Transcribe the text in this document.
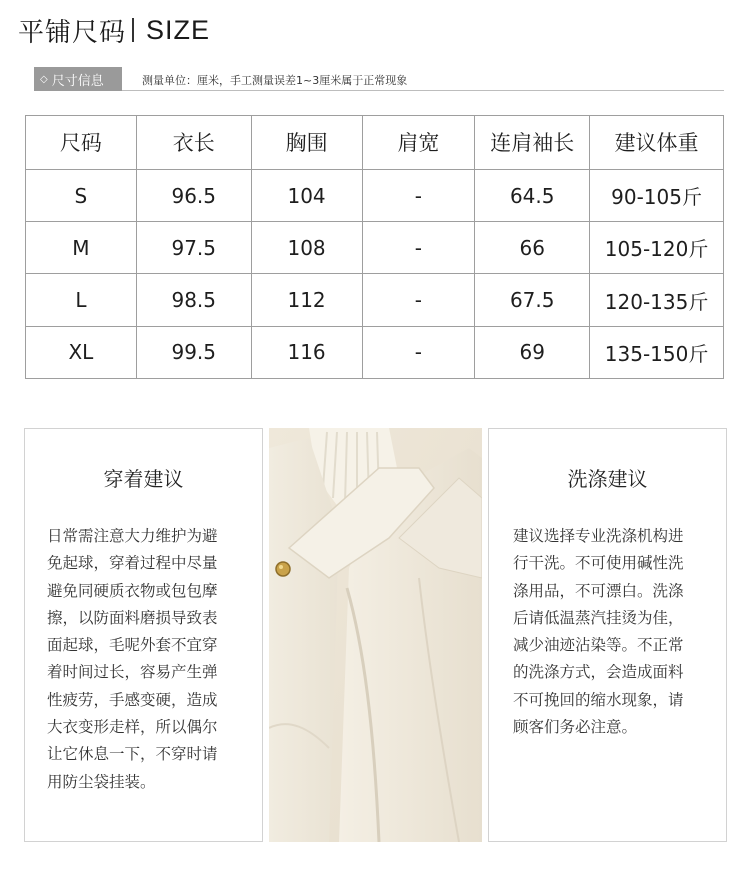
平铺尺码 SIZE
◇ 尺寸信息	测量单位：厘米，手工测量误差1~3厘米属于正常现象
尺码	衣长	胸围	肩宽	连肩袖长	建议体重
S	96.5	104	-	64.5	90-105斤
M	97.5	108	-	66	105-120斤
L	98.5	112	-	67.5	120-135斤
XL	99.5	116	-	69	135-150斤
穿着建议
日常需注意大力维护为避
免起球，穿着过程中尽量
避免同硬质衣物或包包摩
擦，以防面料磨损导致表
面起球，毛呢外套不宜穿
着时间过长，容易产生弹
性疲劳，手感变硬，造成
大衣变形走样，所以偶尔
让它休息一下，不穿时请
用防尘袋挂装。
洗涤建议
建议选择专业洗涤机构进
行干洗。不可使用碱性洗
涤用品，不可漂白。洗涤
后请低温蒸汽挂烫为佳，
减少油迹沾染等。不正常
的洗涤方式，会造成面料
不可挽回的缩水现象，请
顾客们务必注意。
